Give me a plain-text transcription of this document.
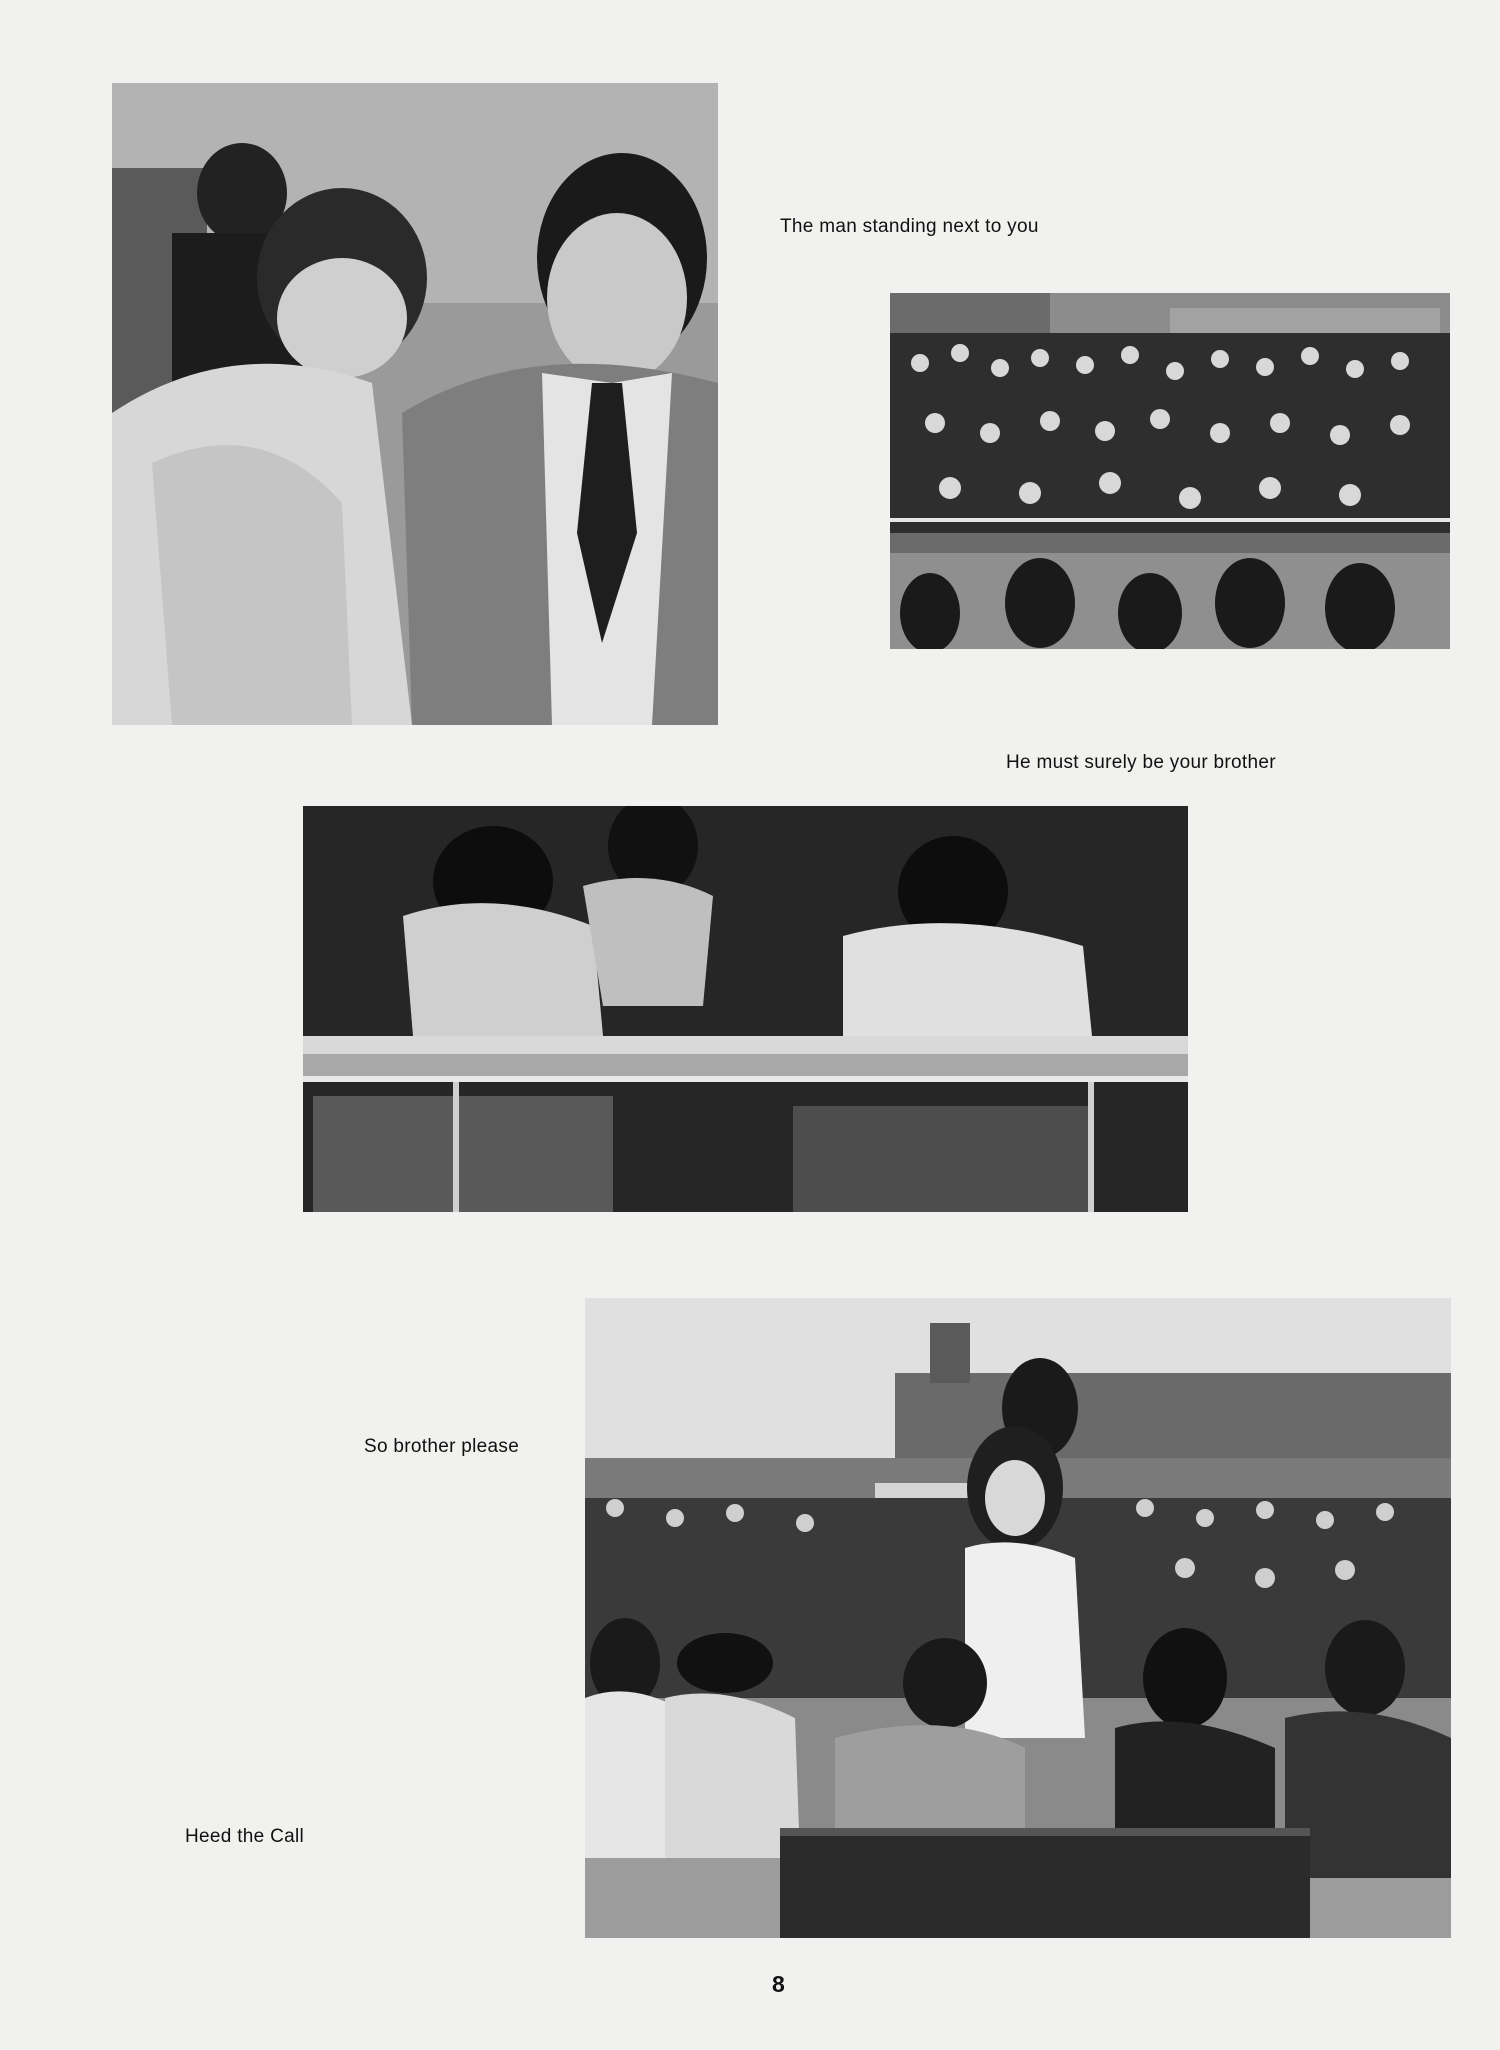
The man standing next to you
He must surely be your brother
So brother please
Heed the Call
8
